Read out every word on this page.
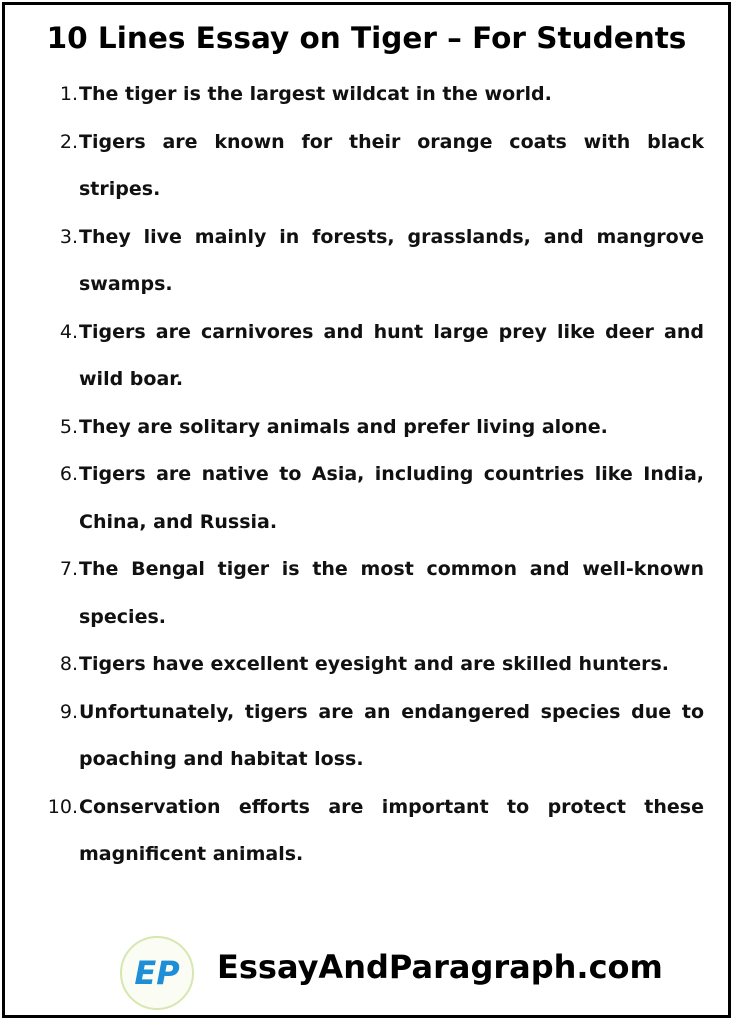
10 Lines Essay on Tiger – For Students
1. The tiger is the largest wildcat in the world.
2. Tigers are known for their orange coats with black stripes.
3. They live mainly in forests, grasslands, and mangrove swamps.
4. Tigers are carnivores and hunt large prey like deer and wild boar.
5. They are solitary animals and prefer living alone.
6. Tigers are native to Asia, including countries like India, China, and Russia.
7. The Bengal tiger is the most common and well-known species.
8. Tigers have excellent eyesight and are skilled hunters.
9. Unfortunately, tigers are an endangered species due to poaching and habitat loss.
10. Conservation efforts are important to protect these magnificent animals.
EP EssayAndParagraph.com
